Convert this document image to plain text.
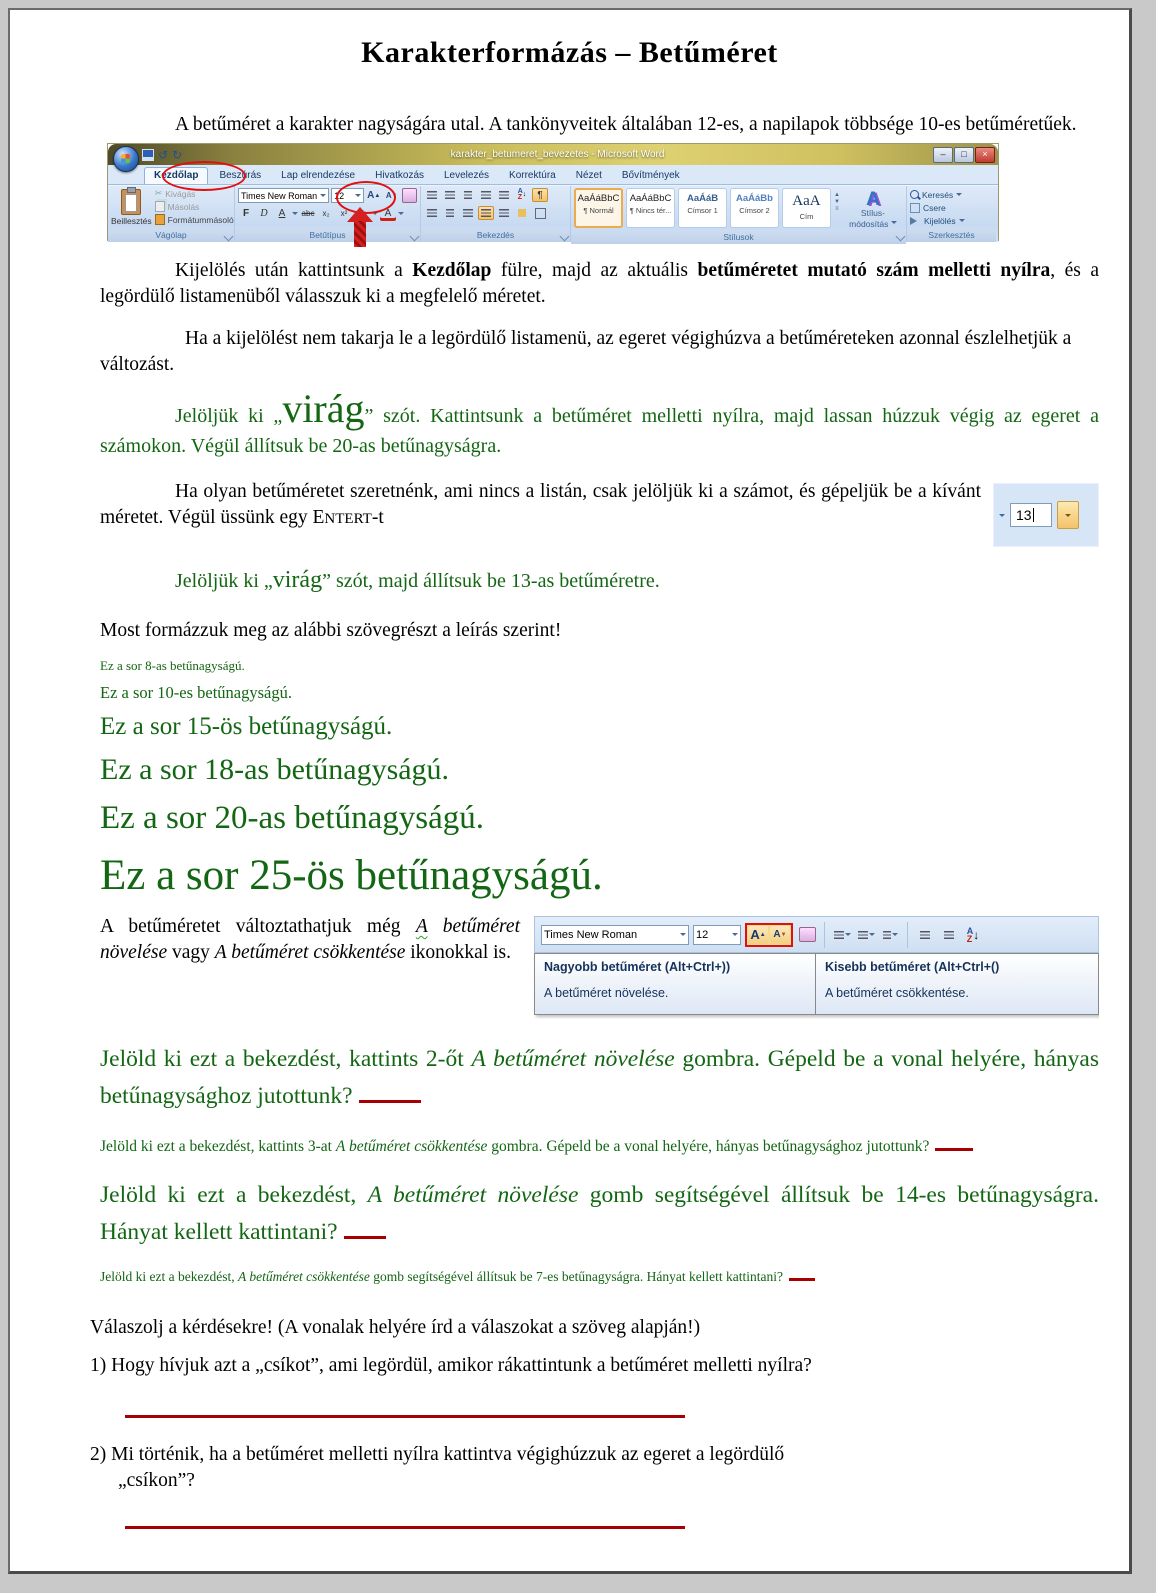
Karakterformázás – Betűméret

A betűméret a karakter nagyságára utal. A tankönyveitek általában 12-es, a napilapok többsége 10-es betűméretűek.

↺ ↻	karakter_betumeret_bevezetes - Microsoft Word	–	□	×
Kezdőlap	Beszúrás	Lap elrendezése	Hivatkozás	Levelezés	Korrektúra	Nézet	Bővítmények
Beillesztés
✂ Kivágás
Másolás
Formátummásoló
Vágólap
Times New Roman 12 A ▲ A ▼
F	D	A	abc x₂	x²	ab	A
Betűtípus
A
Z ↓ ¶
Bekezdés
AaÁáBbC
¶ Normál
AaÁáBbC
¶ Nincs tér...
AaÁáB
Címsor 1
AaÁáBb
Címsor 2
AaA
Cím
▲
▼
≡	A
Stílus-módosítás
Stílusok
Keresés
Csere
Kijelölés
Szerkesztés

Kijelölés után kattintsunk a Kezdőlap fülre, majd az aktuális betűméretet mutató szám melletti nyílra, és a legördülő listamenüből válasszuk ki a megfelelő méretet.

Ha a kijelölést nem takarja le a legördülő listamenü, az egeret végighúzva a betűméreteken azonnal észlelhetjük a változást.

Jelöljük ki „virág” szót. Kattintsunk a betűméret melletti nyílra, majd lassan húzzuk végig az egeret a számokon. Végül állítsuk be 20-as betűnagyságra.

13

Ha olyan betűméretet szeretnénk, ami nincs a listán, csak jelöljük ki a számot, és gépeljük be a kívánt méretet. Végül üssünk egy ENTERT-t

Jelöljük ki „virág” szót, majd állítsuk be 13-as betűméretre.

Most formázzuk meg az alábbi szövegrészt a leírás szerint!

Ez a sor 8-as betűnagyságú.

Ez a sor 10-es betűnagyságú.

Ez a sor 15-ös betűnagyságú.

Ez a sor 18-as betűnagyságú.

Ez a sor 20-as betűnagyságú.

Ez a sor 25-ös betűnagyságú.

Times New Roman	12	A ▲ A ▼	A
Z ↓
Nagyobb betűméret (Alt+Ctrl+))
A betűméret növelése.
Kisebb betűméret (Alt+Ctrl+()
A betűméret csökkentése.

A betűméretet változtathatjuk még A betűméret növelése vagy A betűméret csökkentése ikonokkal is.

Jelöld ki ezt a bekezdést, kattints 2-őt A betűméret növelése gombra. Gépeld be a vonal helyére, hányas betűnagysághoz jutottunk?

Jelöld ki ezt a bekezdést, kattints 3-at A betűméret csökkentése gombra. Gépeld be a vonal helyére, hányas betűnagysághoz jutottunk?

Jelöld ki ezt a bekezdést, A betűméret növelése gomb segítségével állítsuk be 14-es betűnagyságra. Hányat kellett kattintani?

Jelöld ki ezt a bekezdést, A betűméret csökkentése gomb segítségével állítsuk be 7-es betűnagyságra. Hányat kellett kattintani?

Válaszolj a kérdésekre! (A vonalak helyére írd a válaszokat a szöveg alapján!)

1) Hogy hívjuk azt a „csíkot”, ami legördül, amikor rákattintunk a betűméret melletti nyílra?

2) Mi történik, ha a betűméret melletti nyílra kattintva végighúzzuk az egeret a legördülő
„csíkon”?
